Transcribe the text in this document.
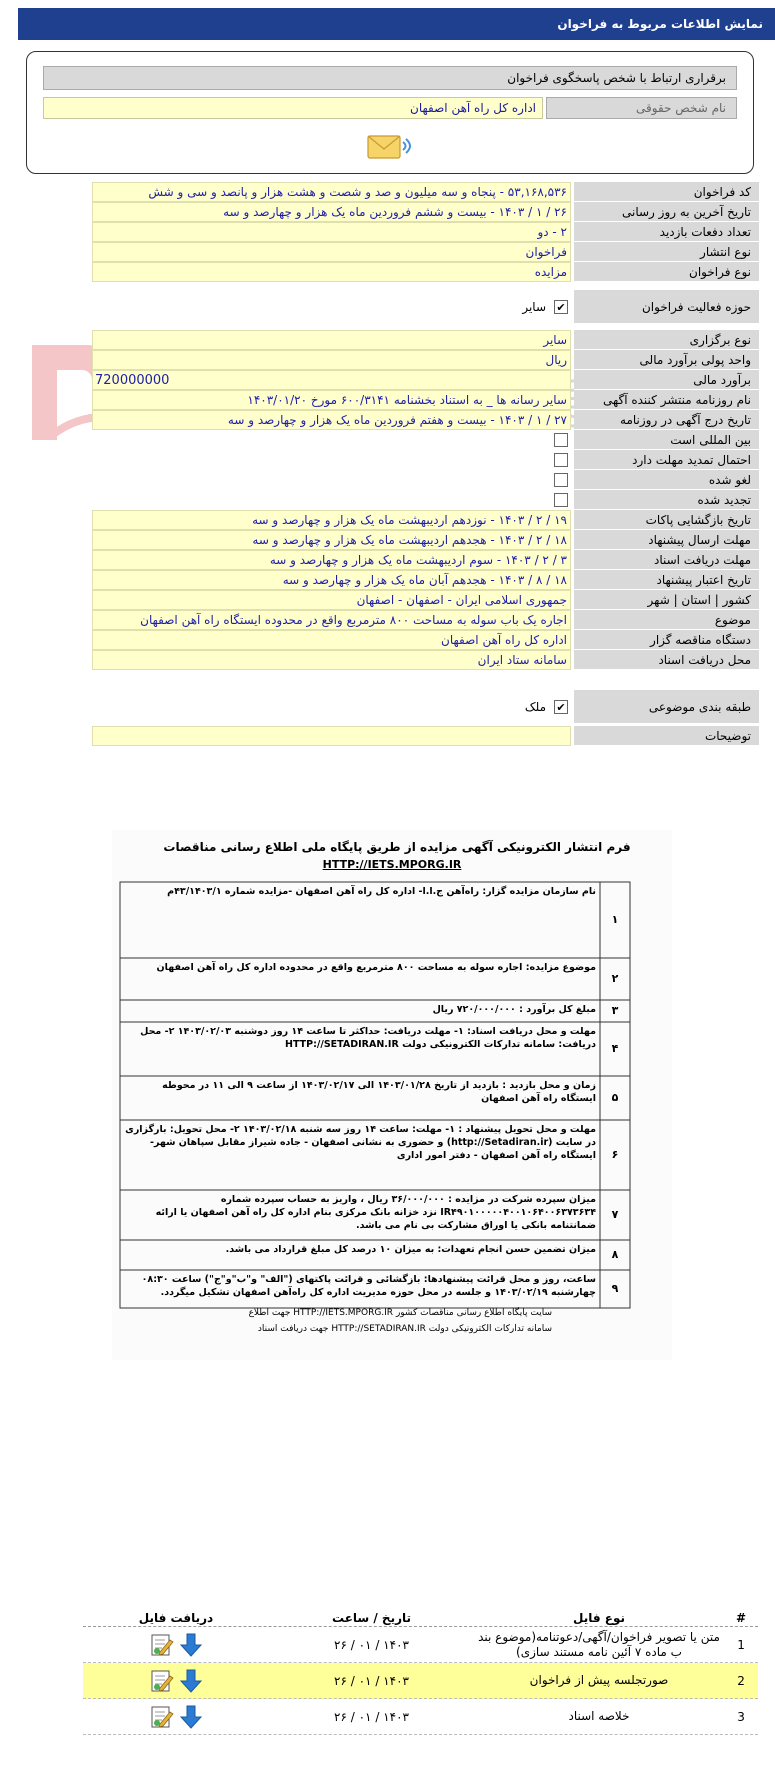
نمایش اطلاعات مربوط به فراخوان
برقراری ارتباط با شخص پاسخگوی فراخوان
نام شخص حقوقی
اداره کل راه آهن اصفهان
کد فراخوان
۵۳,۱۶۸,۵۳۶ - پنجاه و سه میلیون و صد و شصت و هشت هزار و پانصد و سی و شش
تاریخ آخرین به روز رسانی
۲۶ / ۱ / ۱۴۰۳ - بیست و ششم فروردین ماه یک هزار و چهارصد و سه
تعداد دفعات بازدید
۲ - دو
نوع انتشار
فراخوان
نوع فراخوان
مزایده
حوزه فعالیت فراخوان
✔
سایر
نوع برگزاری
سایر
واحد پولی برآورد مالی
ریال
برآورد مالی
720000000
نام روزنامه منتشر کننده آگهی
سایر رسانه ها _ به استناد بخشنامه ۶۰۰/۳۱۴۱ مورخ ۱۴۰۳/۰۱/۲۰
تاریخ درج آگهی در روزنامه
۲۷ / ۱ / ۱۴۰۳ - بیست و هفتم فروردین ماه یک هزار و چهارصد و سه
بین المللی است
احتمال تمدید مهلت دارد
لغو شده
تجدید شده
تاریخ بازگشایی پاکات
۱۹ / ۲ / ۱۴۰۳ - نوزدهم اردیبهشت ماه یک هزار و چهارصد و سه
مهلت ارسال پیشنهاد
۱۸ / ۲ / ۱۴۰۳ - هجدهم اردیبهشت ماه یک هزار و چهارصد و سه
مهلت دریافت اسناد
۳ / ۲ / ۱۴۰۳ - سوم اردیبهشت ماه یک هزار و چهارصد و سه
تاریخ اعتبار پیشنهاد
۱۸ / ۸ / ۱۴۰۳ - هجدهم آبان ماه یک هزار و چهارصد و سه
کشور | استان | شهر
جمهوری اسلامی ایران - اصفهان - اصفهان
موضوع
اجاره یک باب سوله به مساحت ۸۰۰ مترمربع واقع در محدوده ایستگاه راه آهن اصفهان
دستگاه مناقصه گزار
اداره کل راه آهن اصفهان
محل دریافت اسناد
سامانه ستاد ایران
طبقه بندی موضوعی
✔
ملک
توضیحات
فرم انتشار الکترونیکی آگهی مزایده از طریق پایگاه ملی اطلاع رسانی مناقصات
HTTP://IETS.MPORG.IR
۱
نام سازمان مزایده گزار: راه‌آهن ج.ا.ا- اداره کل راه آهن اصفهان -مزایده شماره ۴۳/۱۴۰۳/۱م
۲
موضوع مزایده: اجاره سوله به مساحت ۸۰۰ مترمربع واقع در محدوده اداره کل راه آهن اصفهان
۳
مبلغ کل برآورد : ۷۲۰/۰۰۰/۰۰۰ ریال
۴
مهلت و محل دریافت اسناد: ۱- مهلت دریافت: حداکثر تا ساعت ۱۴ روز دوشنبه ۱۴۰۳/۰۲/۰۳ ۲- محل دریافت: سامانه تدارکات الکترونیکی دولت HTTP://SETADIRAN.IR
۵
زمان و محل بازدید : بازدید از تاریخ ۱۴۰۳/۰۱/۲۸ الی ۱۴۰۳/۰۲/۱۷ از ساعت ۹ الی ۱۱ در محوطه ایستگاه راه آهن اصفهان
۶
مهلت و محل تحویل پیشنهاد : ۱- مهلت: ساعت ۱۴ روز سه شنبه ۱۴۰۳/۰۲/۱۸ ۲- محل تحویل: بارگزاری در سایت (http://Setadiran.ir) و حضوری به نشانی اصفهان - جاده شیراز مقابل سپاهان شهر-ایستگاه راه آهن اصفهان - دفتر امور اداری
۷
میزان سپرده شرکت در مزایده : ۳۶/۰۰۰/۰۰۰ ریال ، واریز به حساب سپرده شماره IR۴۹۰۱۰۰۰۰۰۴۰۰۱۰۶۴۰۰۶۳۷۳۶۳۴ نزد خزانه بانک مرکزی بنام اداره کل راه آهن اصفهان یا ارائه ضمانتنامه بانکی یا اوراق مشارکت بی نام می باشد.
۸
میزان تضمین حسن انجام تعهدات: به میزان ۱۰ درصد کل مبلغ قرارداد می باشد.
۹
ساعت، روز و محل قرائت پیشنهادها: بازگشائی و قرائت پاکتهای ("الف" و"ب"و"ج") ساعت ۰۸:۳۰ چهارشنبه ۱۴۰۳/۰۲/۱۹ و جلسه در محل حوزه مدیریت اداره کل راه‌آهن اصفهان تشکیل میگردد.
سایت پایگاه اطلاع رسانی مناقصات کشور HTTP://IETS.MPORG.IR جهت اطلاع
سامانه تدارکات الکترونیکی دولت HTTP://SETADIRAN.IR جهت دریافت اسناد
#
نوع فایل
تاریخ / ساعت
دریافت فایل
1
متن یا تصویر فراخوان/آگهی/دعوتنامه(موضوع بند ب ماده ۷ آئین نامه مستند سازی)
۱۴۰۳ / ۰۱ / ۲۶
2
صورتجلسه پیش از فراخوان
۱۴۰۳ / ۰۱ / ۲۶
3
خلاصه اسناد
۱۴۰۳ / ۰۱ / ۲۶
